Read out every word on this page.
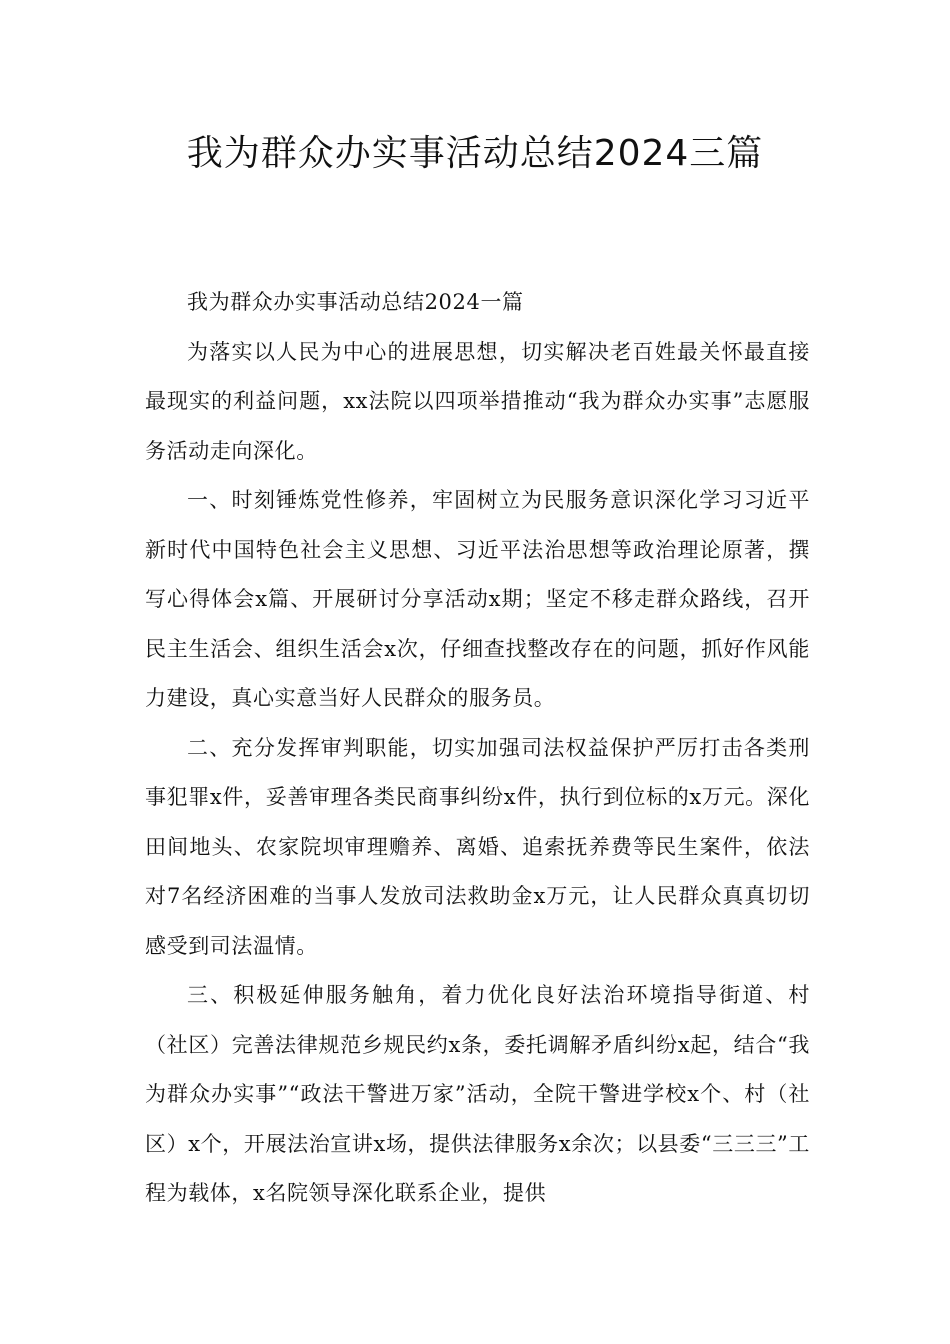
我为群众办实事活动总结2024三篇

我为群众办实事活动总结2024一篇

为落实以人民为中心的进展思想，切实解决老百姓最关怀最直接最现实的利益问题，xx法院以四项举措推动“我为群众办实事”志愿服务活动走向深化。

一、时刻锤炼党性修养，牢固树立为民服务意识深化学习习近平新时代中国特色社会主义思想、习近平法治思想等政治理论原著，撰写心得体会x篇、开展研讨分享活动x期；坚定不移走群众路线，召开民主生活会、组织生活会x次，仔细查找整改存在的问题，抓好作风能力建设，真心实意当好人民群众的服务员。

二、充分发挥审判职能，切实加强司法权益保护严厉打击各类刑事犯罪x件，妥善审理各类民商事纠纷x件，执行到位标的x万元。深化田间地头、农家院坝审理赡养、离婚、追索抚养费等民生案件，依法对7名经济困难的当事人发放司法救助金x万元，让人民群众真真切切感受到司法温情。

三、积极延伸服务触角，着力优化良好法治环境指导街道、村（社区）完善法律规范乡规民约x条，委托调解矛盾纠纷x起，结合“我为群众办实事”“政法干警进万家”活动，全院干警进学校x个、村（社区）x个，开展法治宣讲x场，提供法律服务x余次；以县委“三三三”工程为载体，x名院领导深化联系企业，提供
